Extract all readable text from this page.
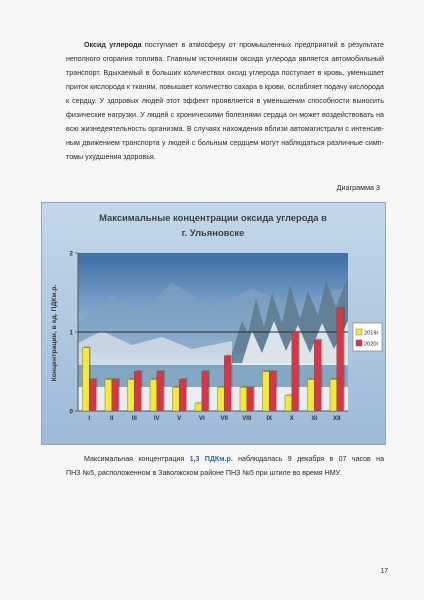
Оксид углерода поступает в атмосферу от промышленных предприятий в результате
неполного сгорания топлива. Главным источником оксида углерода является автомобильный
транспорт. Вдыхаемый в больших количествах оксид углерода поступает в кровь, уменьшает
приток кислорода к тканям, повышает количество сахара в крови, ослабляет подачу кислорода
к сердцу. У здоровых людей этот эффект проявляется в уменьшении способности выносить
физические нагрузки. У людей с хроническими болезнями сердца он может воздействовать на
всю жизнедеятельность организма. В случаях нахождения вблизи автомагистрали с интенсив-
ным движением транспорта у людей с больным сердцем могут наблюдаться различные симп-
томы ухудшения здоровья.
Диаграмма 3
Максимальные концентрации оксида углерода в
г. Ульяновске
0
1
2
I	II	III	IV	V	VI	VII VIII IX	X	XI	XII
Концентрации, в ед. ПДКм.р.	2019г
2020г
Максимальная концентрация 1,3 ПДКм.р. наблюдалась 9 декабря в 07 часов на
ПНЗ №5, расположенном в Заволжском районе ПНЗ №5 при штиле во время НМУ.
17
